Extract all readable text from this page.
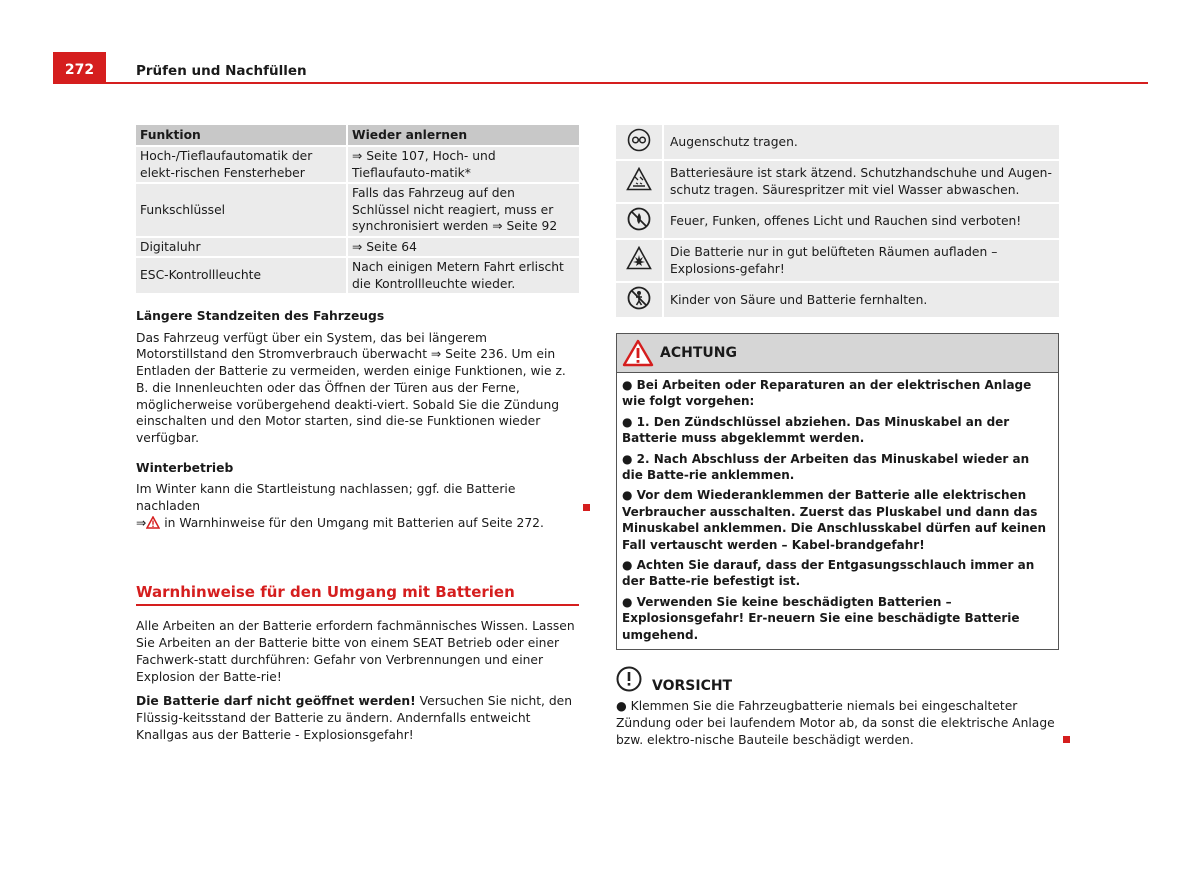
272	Prüfen und Nachfüllen
Funktion	Wieder anlernen
Hoch-/Tieflaufautomatik der elekt-rischen Fensterheber	⇒ Seite 107, Hoch- und Tieflaufauto-matik*
Funkschlüssel	Falls das Fahrzeug auf den Schlüssel nicht reagiert, muss er synchronisiert werden ⇒ Seite 92
Digitaluhr	⇒ Seite 64
ESC-Kontrollleuchte	Nach einigen Metern Fahrt erlischt die Kontrollleuchte wieder.

Längere Standzeiten des Fahrzeugs

Das Fahrzeug verfügt über ein System, das bei längerem Motorstillstand den Stromverbrauch überwacht ⇒ Seite 236. Um ein Entladen der Batterie zu vermeiden, werden einige Funktionen, wie z. B. die Innenleuchten oder das Öffnen der Türen aus der Ferne, möglicherweise vorübergehend deakti-viert. Sobald Sie die Zündung einschalten und den Motor starten, sind die-se Funktionen wieder verfügbar.

Winterbetrieb

Im Winter kann die Startleistung nachlassen; ggf. die Batterie nachladen
⇒ in Warnhinweise für den Umgang mit Batterien auf Seite 272.

Warnhinweise für den Umgang mit Batterien

Alle Arbeiten an der Batterie erfordern fachmännisches Wissen. Lassen Sie Arbeiten an der Batterie bitte von einem SEAT Betrieb oder einer Fachwerk-statt durchführen: Gefahr von Verbrennungen und einer Explosion der Batte-rie!

Die Batterie darf nicht geöffnet werden! Versuchen Sie nicht, den Flüssig-keitsstand der Batterie zu ändern. Andernfalls entweicht Knallgas aus der Batterie - Explosionsgefahr!

	Augenschutz tragen.
	Batteriesäure ist stark ätzend. Schutzhandschuhe und Augen-schutz tragen. Säurespritzer mit viel Wasser abwaschen.
	Feuer, Funken, offenes Licht und Rauchen sind verboten!
	Die Batterie nur in gut belüfteten Räumen aufladen – Explosions-gefahr!
	Kinder von Säure und Batterie fernhalten.
ACHTUNG

● Bei Arbeiten oder Reparaturen an der elektrischen Anlage wie folgt vorgehen:

● 1. Den Zündschlüssel abziehen. Das Minuskabel an der Batterie muss abgeklemmt werden.

● 2. Nach Abschluss der Arbeiten das Minuskabel wieder an die Batte-rie anklemmen.

● Vor dem Wiederanklemmen der Batterie alle elektrischen Verbraucher ausschalten. Zuerst das Pluskabel und dann das Minuskabel anklemmen. Die Anschlusskabel dürfen auf keinen Fall vertauscht werden – Kabel-brandgefahr!

● Achten Sie darauf, dass der Entgasungsschlauch immer an der Batte-rie befestigt ist.

● Verwenden Sie keine beschädigten Batterien – Explosionsgefahr! Er-neuern Sie eine beschädigte Batterie umgehend.

VORSICHT

● Klemmen Sie die Fahrzeugbatterie niemals bei eingeschalteter Zündung oder bei laufendem Motor ab, da sonst die elektrische Anlage bzw. elektro-nische Bauteile beschädigt werden.
